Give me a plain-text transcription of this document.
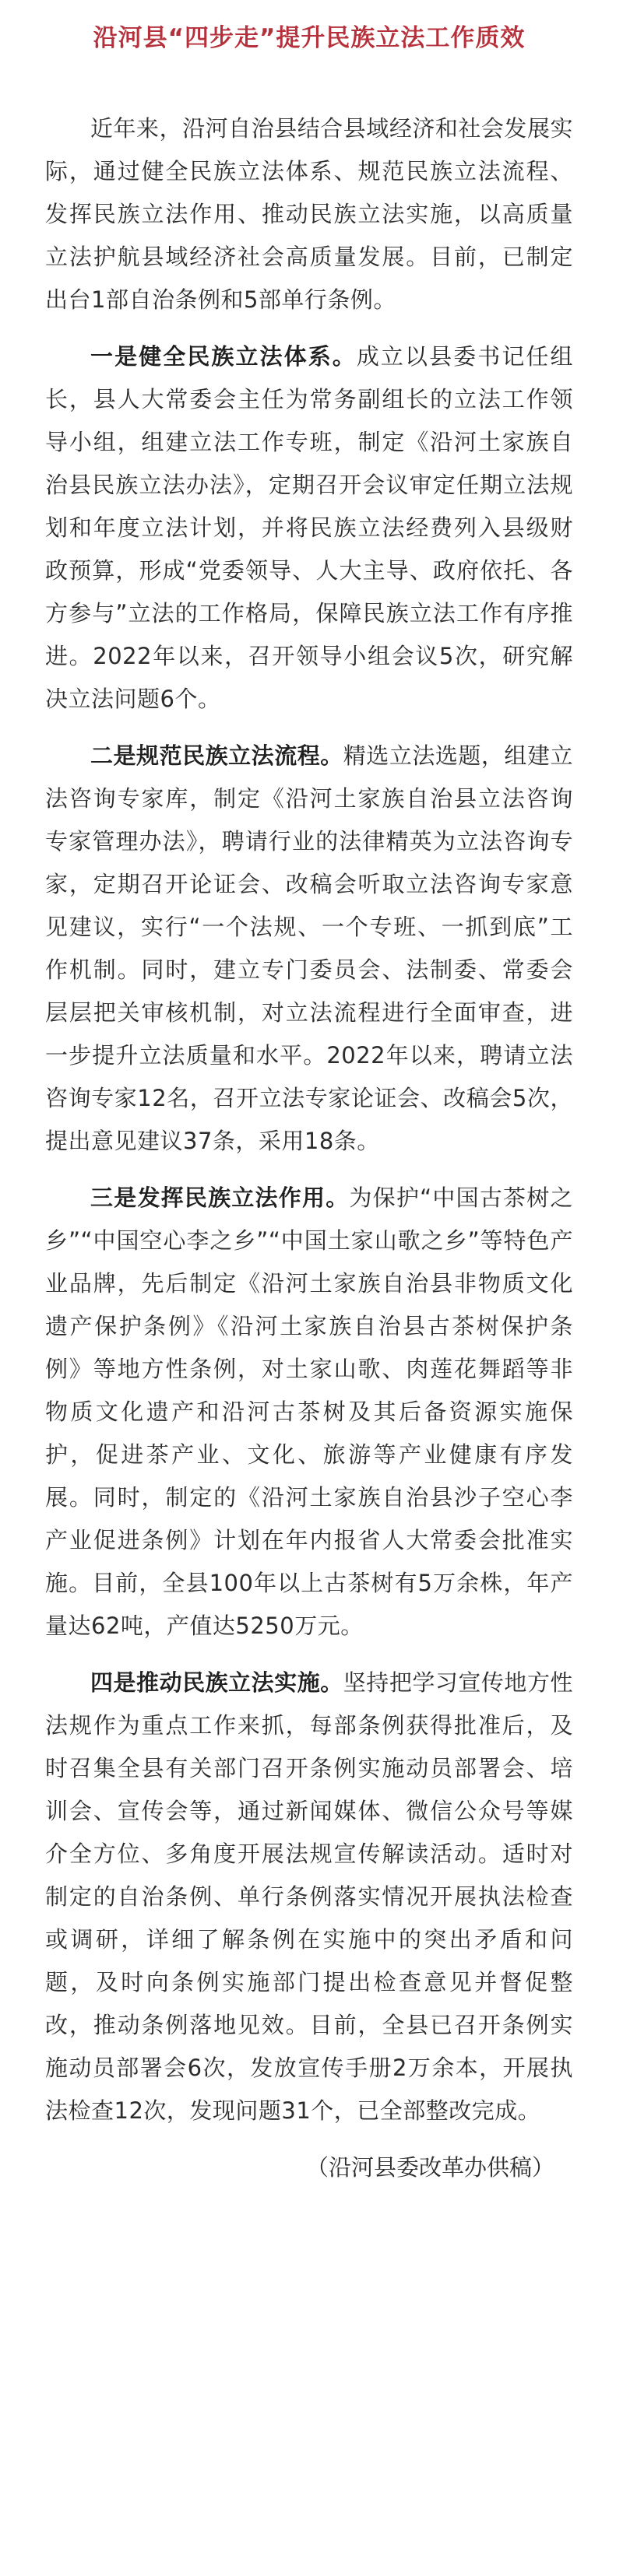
沿河县“四步走”提升民族立法工作质效

近年来，沿河自治县结合县域经济和社会发展实际，通过健全民族立法体系、规范民族立法流程、发挥民族立法作用、推动民族立法实施，以高质量立法护航县域经济社会高质量发展。目前，已制定出台1部自治条例和5部单行条例。

一是健全民族立法体系。成立以县委书记任组长，县人大常委会主任为常务副组长的立法工作领导小组，组建立法工作专班，制定《沿河土家族自治县民族立法办法》，定期召开会议审定任期立法规划和年度立法计划，并将民族立法经费列入县级财政预算，形成“党委领导、人大主导、政府依托、各方参与”立法的工作格局，保障民族立法工作有序推进。2022年以来，召开领导小组会议5次，研究解决立法问题6个。

二是规范民族立法流程。精选立法选题，组建立法咨询专家库，制定《沿河土家族自治县立法咨询专家管理办法》，聘请行业的法律精英为立法咨询专家，定期召开论证会、改稿会听取立法咨询专家意见建议，实行“一个法规、一个专班、一抓到底”工作机制。同时，建立专门委员会、法制委、常委会层层把关审核机制，对立法流程进行全面审查，进一步提升立法质量和水平。2022年以来，聘请立法咨询专家12名，召开立法专家论证会、改稿会5次，提出意见建议37条，采用18条。

三是发挥民族立法作用。为保护“中国古茶树之乡”“中国空心李之乡”“中国土家山歌之乡”等特色产业品牌，先后制定《沿河土家族自治县非物质文化遗产保护条例》《沿河土家族自治县古茶树保护条例》等地方性条例，对土家山歌、肉莲花舞蹈等非物质文化遗产和沿河古茶树及其后备资源实施保护，促进茶产业、文化、旅游等产业健康有序发展。同时，制定的《沿河土家族自治县沙子空心李产业促进条例》计划在年内报省人大常委会批准实施。目前，全县100年以上古茶树有5万余株，年产量达62吨，产值达5250万元。

四是推动民族立法实施。坚持把学习宣传地方性法规作为重点工作来抓，每部条例获得批准后，及时召集全县有关部门召开条例实施动员部署会、培训会、宣传会等，通过新闻媒体、微信公众号等媒介全方位、多角度开展法规宣传解读活动。适时对制定的自治条例、单行条例落实情况开展执法检查或调研，详细了解条例在实施中的突出矛盾和问题，及时向条例实施部门提出检查意见并督促整改，推动条例落地见效。目前，全县已召开条例实施动员部署会6次，发放宣传手册2万余本，开展执法检查12次，发现问题31个，已全部整改完成。

（沿河县委改革办供稿）
